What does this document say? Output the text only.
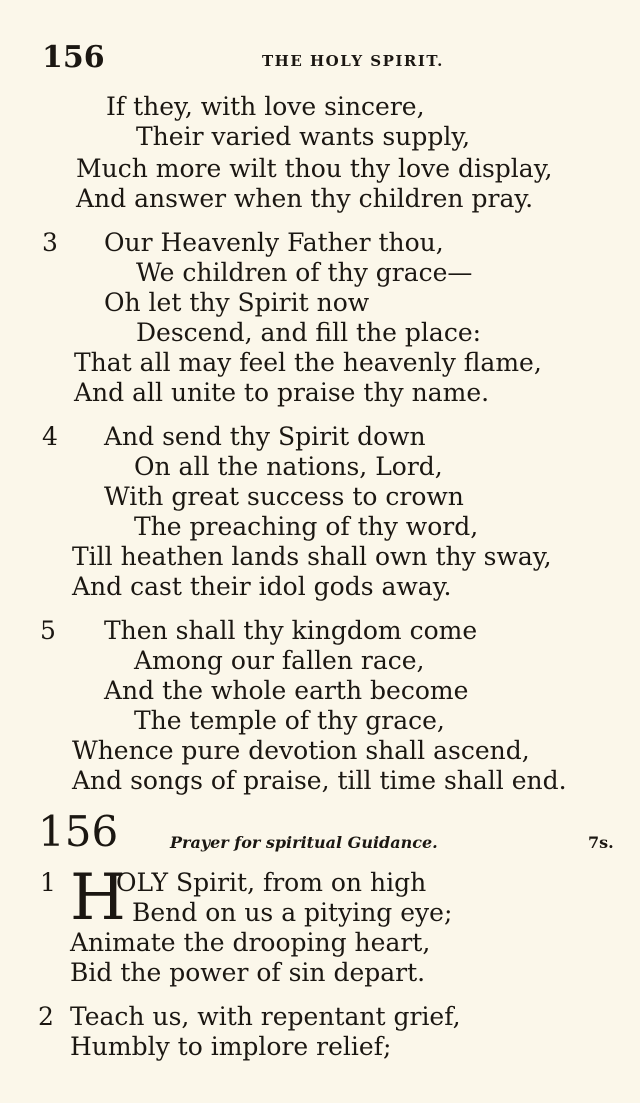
156	THE HOLY SPIRIT.
If they, with love sincere,
Their varied wants supply,
Much more wilt thou thy love display,
And answer when thy children pray.
3 Our Heavenly Father thou,
We children of thy grace—
Oh let thy Spirit now
Descend, and fill the place:
That all may feel the heavenly flame,
And all unite to praise thy name.
4 And send thy Spirit down
On all the nations, Lord,
With great success to crown
The preaching of thy word,
Till heathen lands shall own thy sway,
And cast their idol gods away.
5 Then shall thy kingdom come
Among our fallen race,
And the whole earth become
The temple of thy grace,
Whence pure devotion shall ascend,
And songs of praise, till time shall end.
156	Prayer for spiritual Guidance.	7s.
1 H
OLY Spirit, from on high
Bend on us a pitying eye;
Animate the drooping heart,
Bid the power of sin depart.
2 Teach us, with repentant grief,
Humbly to implore relief;
